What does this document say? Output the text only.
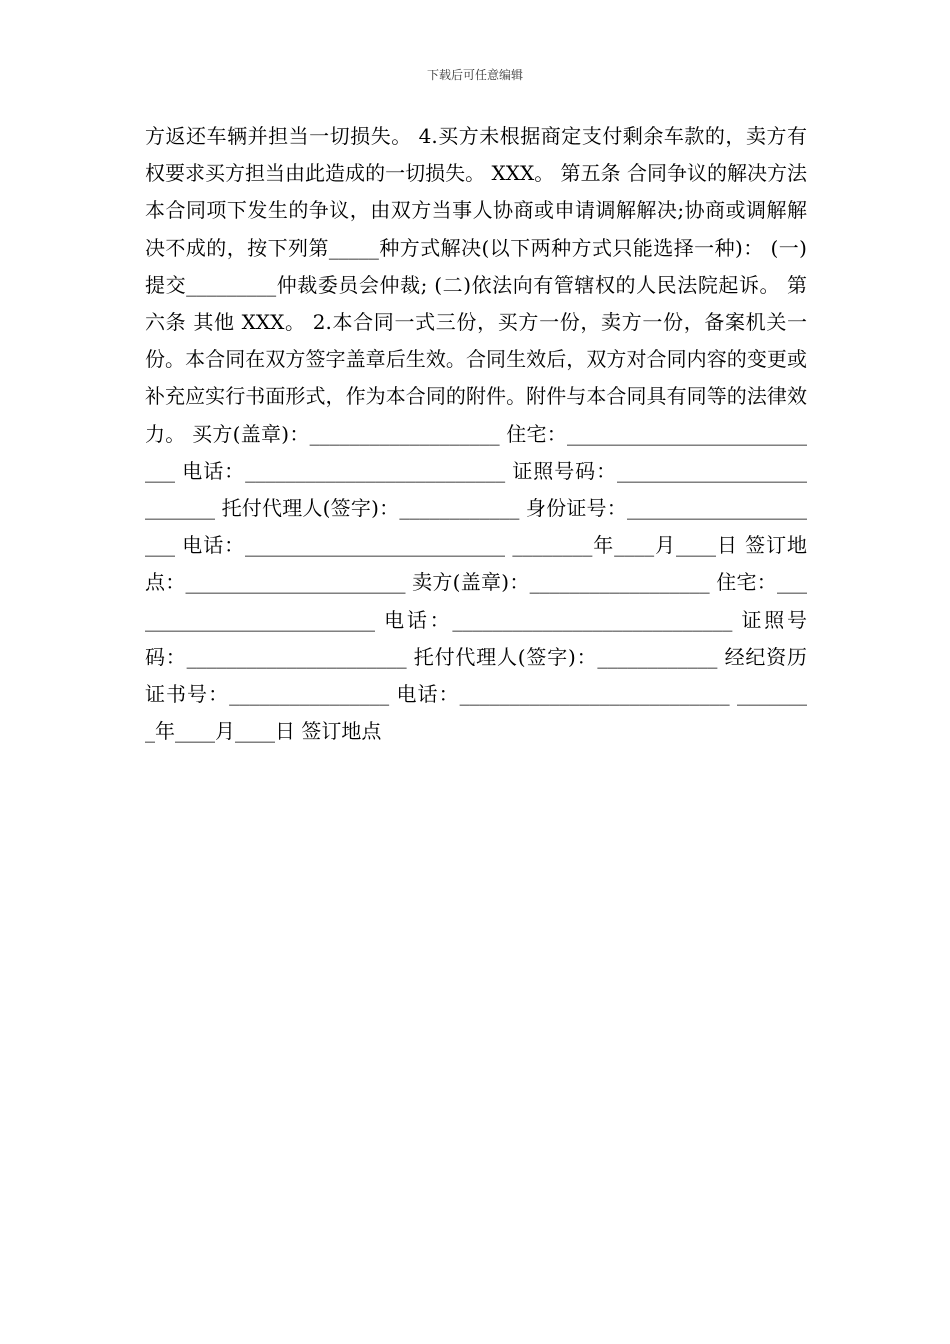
下载后可任意编辑

方返还车辆并担当一切损失。 4.买方未根据商定支付剩余车款的，卖方有权要求买方担当由此造成的一切损失。 XXX。 第五条 合同争议的解决方法 本合同项下发生的争议，由双方当事人协商或申请调解解决;协商或调解解决不成的，按下列第_____种方式解决(以下两种方式只能选择一种)： (一)提交_________仲裁委员会仲裁; (二)依法向有管辖权的人民法院起诉。 第六条 其他 XXX。 2.本合同一式三份，买方一份，卖方一份，备案机关一份。本合同在双方签字盖章后生效。合同生效后，双方对合同内容的变更或补充应实行书面形式，作为本合同的附件。附件与本合同具有同等的法律效力。 买方(盖章)：___________________ 住宅：___________________________ 电话：__________________________ 证照号码：__________________________ 托付代理人(签字)：____________ 身份证号：_____________________ 电话：__________________________ ________年____月____日 签订地点：______________________ 卖方(盖章)：__________________ 住宅：__________________________ 电话：____________________________ 证照号码：______________________ 托付代理人(签字)：____________ 经纪资历证书号：________________ 电话：___________________________ ________年____月____日 签订地点
